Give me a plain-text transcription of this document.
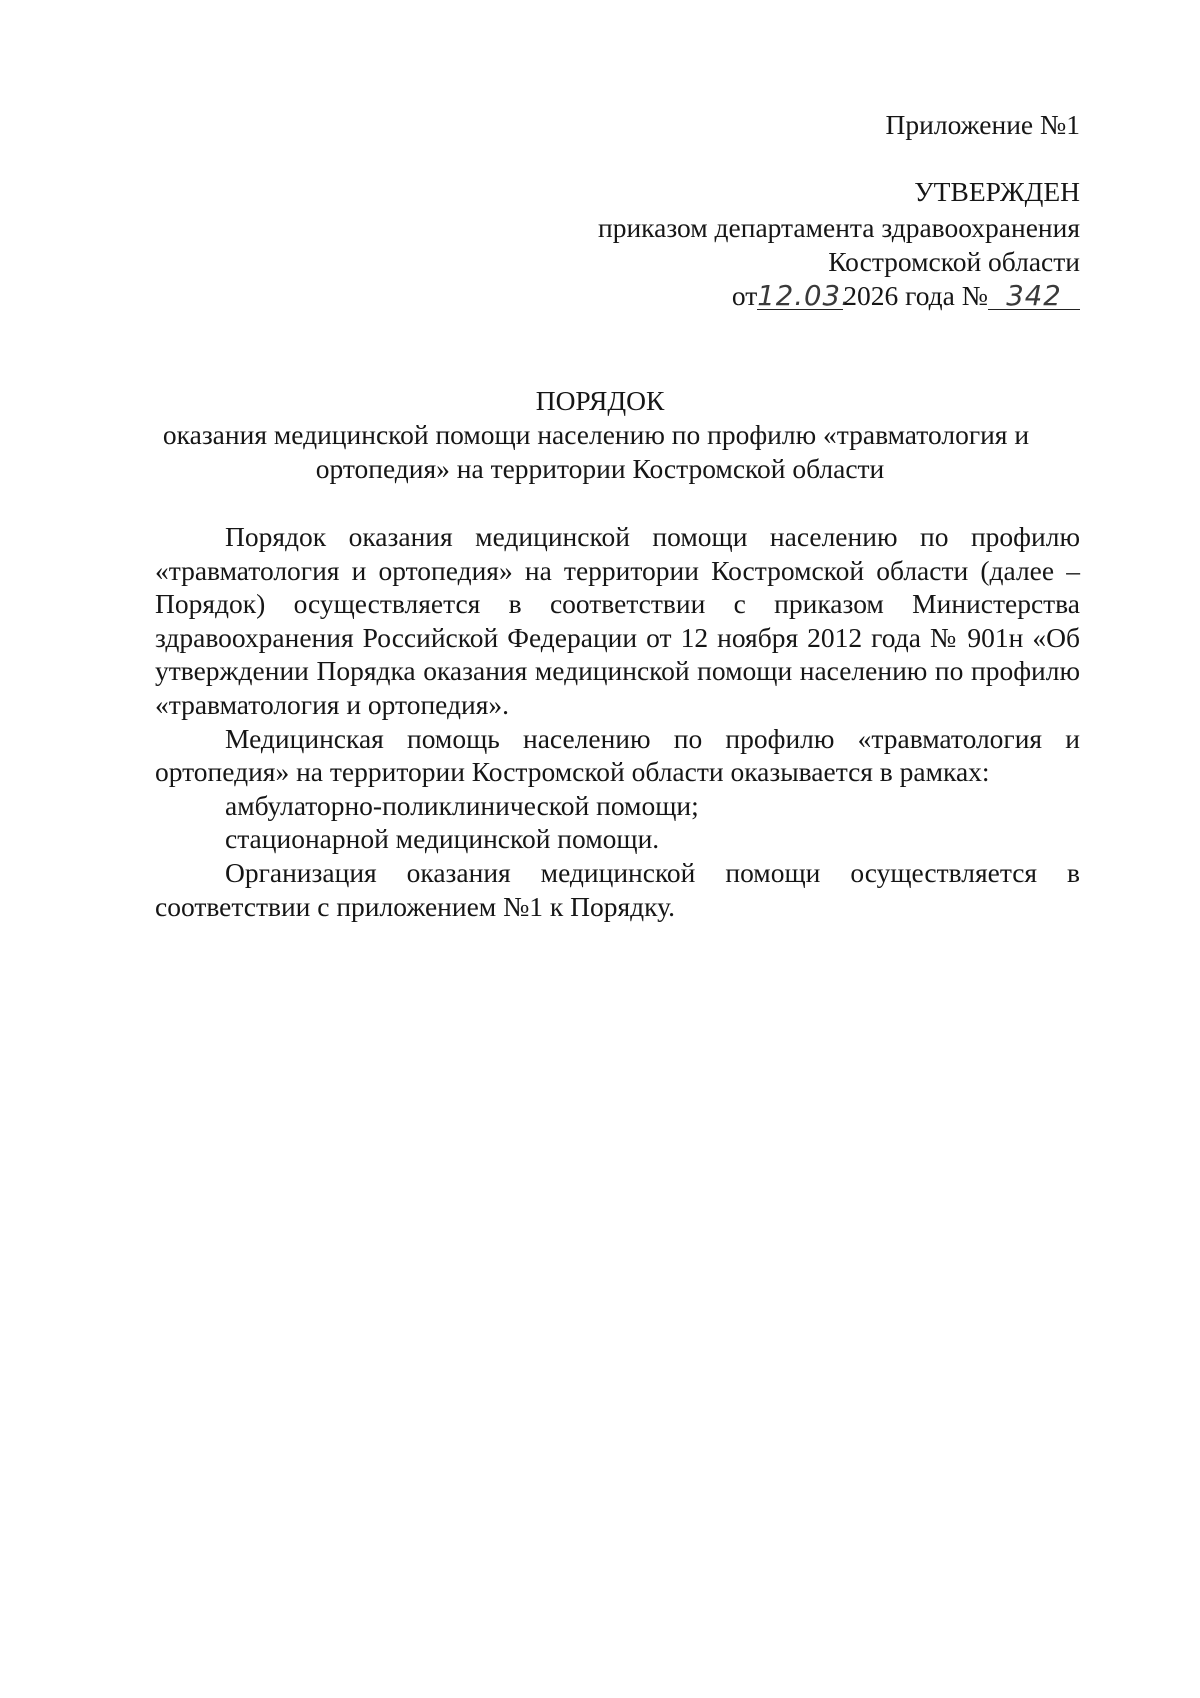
Приложение №1
УТВЕРЖДЕН
приказом департамента здравоохранения
Костромской области
от12.03.2026 года № 342
ПОРЯДОК
оказания медицинской помощи населению по профилю «травматология и
ортопедия» на территории Костромской области

Порядок оказания медицинской помощи населению по профилю «травматология и ортопедия» на территории Костромской области (далее – Порядок) осуществляется в соответствии с приказом Министерства здравоохранения Российской Федерации от 12 ноября 2012 года № 901н «Об утверждении Порядка оказания медицинской помощи населению по профилю «травматология и ортопедия».

Медицинская помощь населению по профилю «травматология и ортопедия» на территории Костромской области оказывается в рамках:

амбулаторно-поликлинической помощи;

стационарной медицинской помощи.

Организация оказания медицинской помощи осуществляется в соответствии с приложением №1 к Порядку.
